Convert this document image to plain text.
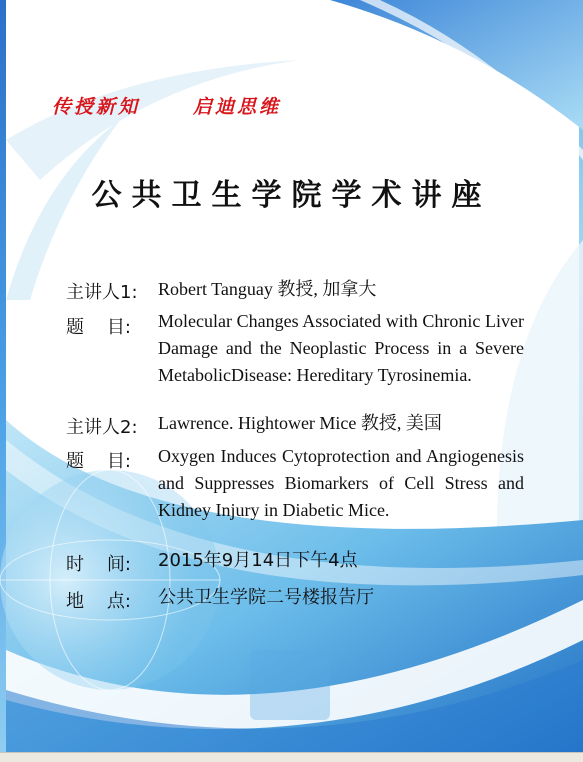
传授新知	启迪思维
公共卫生学院学术讲座
主讲人1: Robert Tanguay 教授, 加拿大
题    目: Molecular Changes Associated with Chronic Liver Damage and the Neoplastic Process in a Severe MetabolicDisease: Hereditary Tyrosinemia.
主讲人2: Lawrence. Hightower Mice 教授, 美国
题    目: Oxygen Induces Cytoprotection and Angiogenesis and Suppresses Biomarkers of Cell Stress and Kidney Injury in Diabetic Mice.
时    间: 2015年9月14日下午4点
地    点: 公共卫生学院二号楼报告厅
